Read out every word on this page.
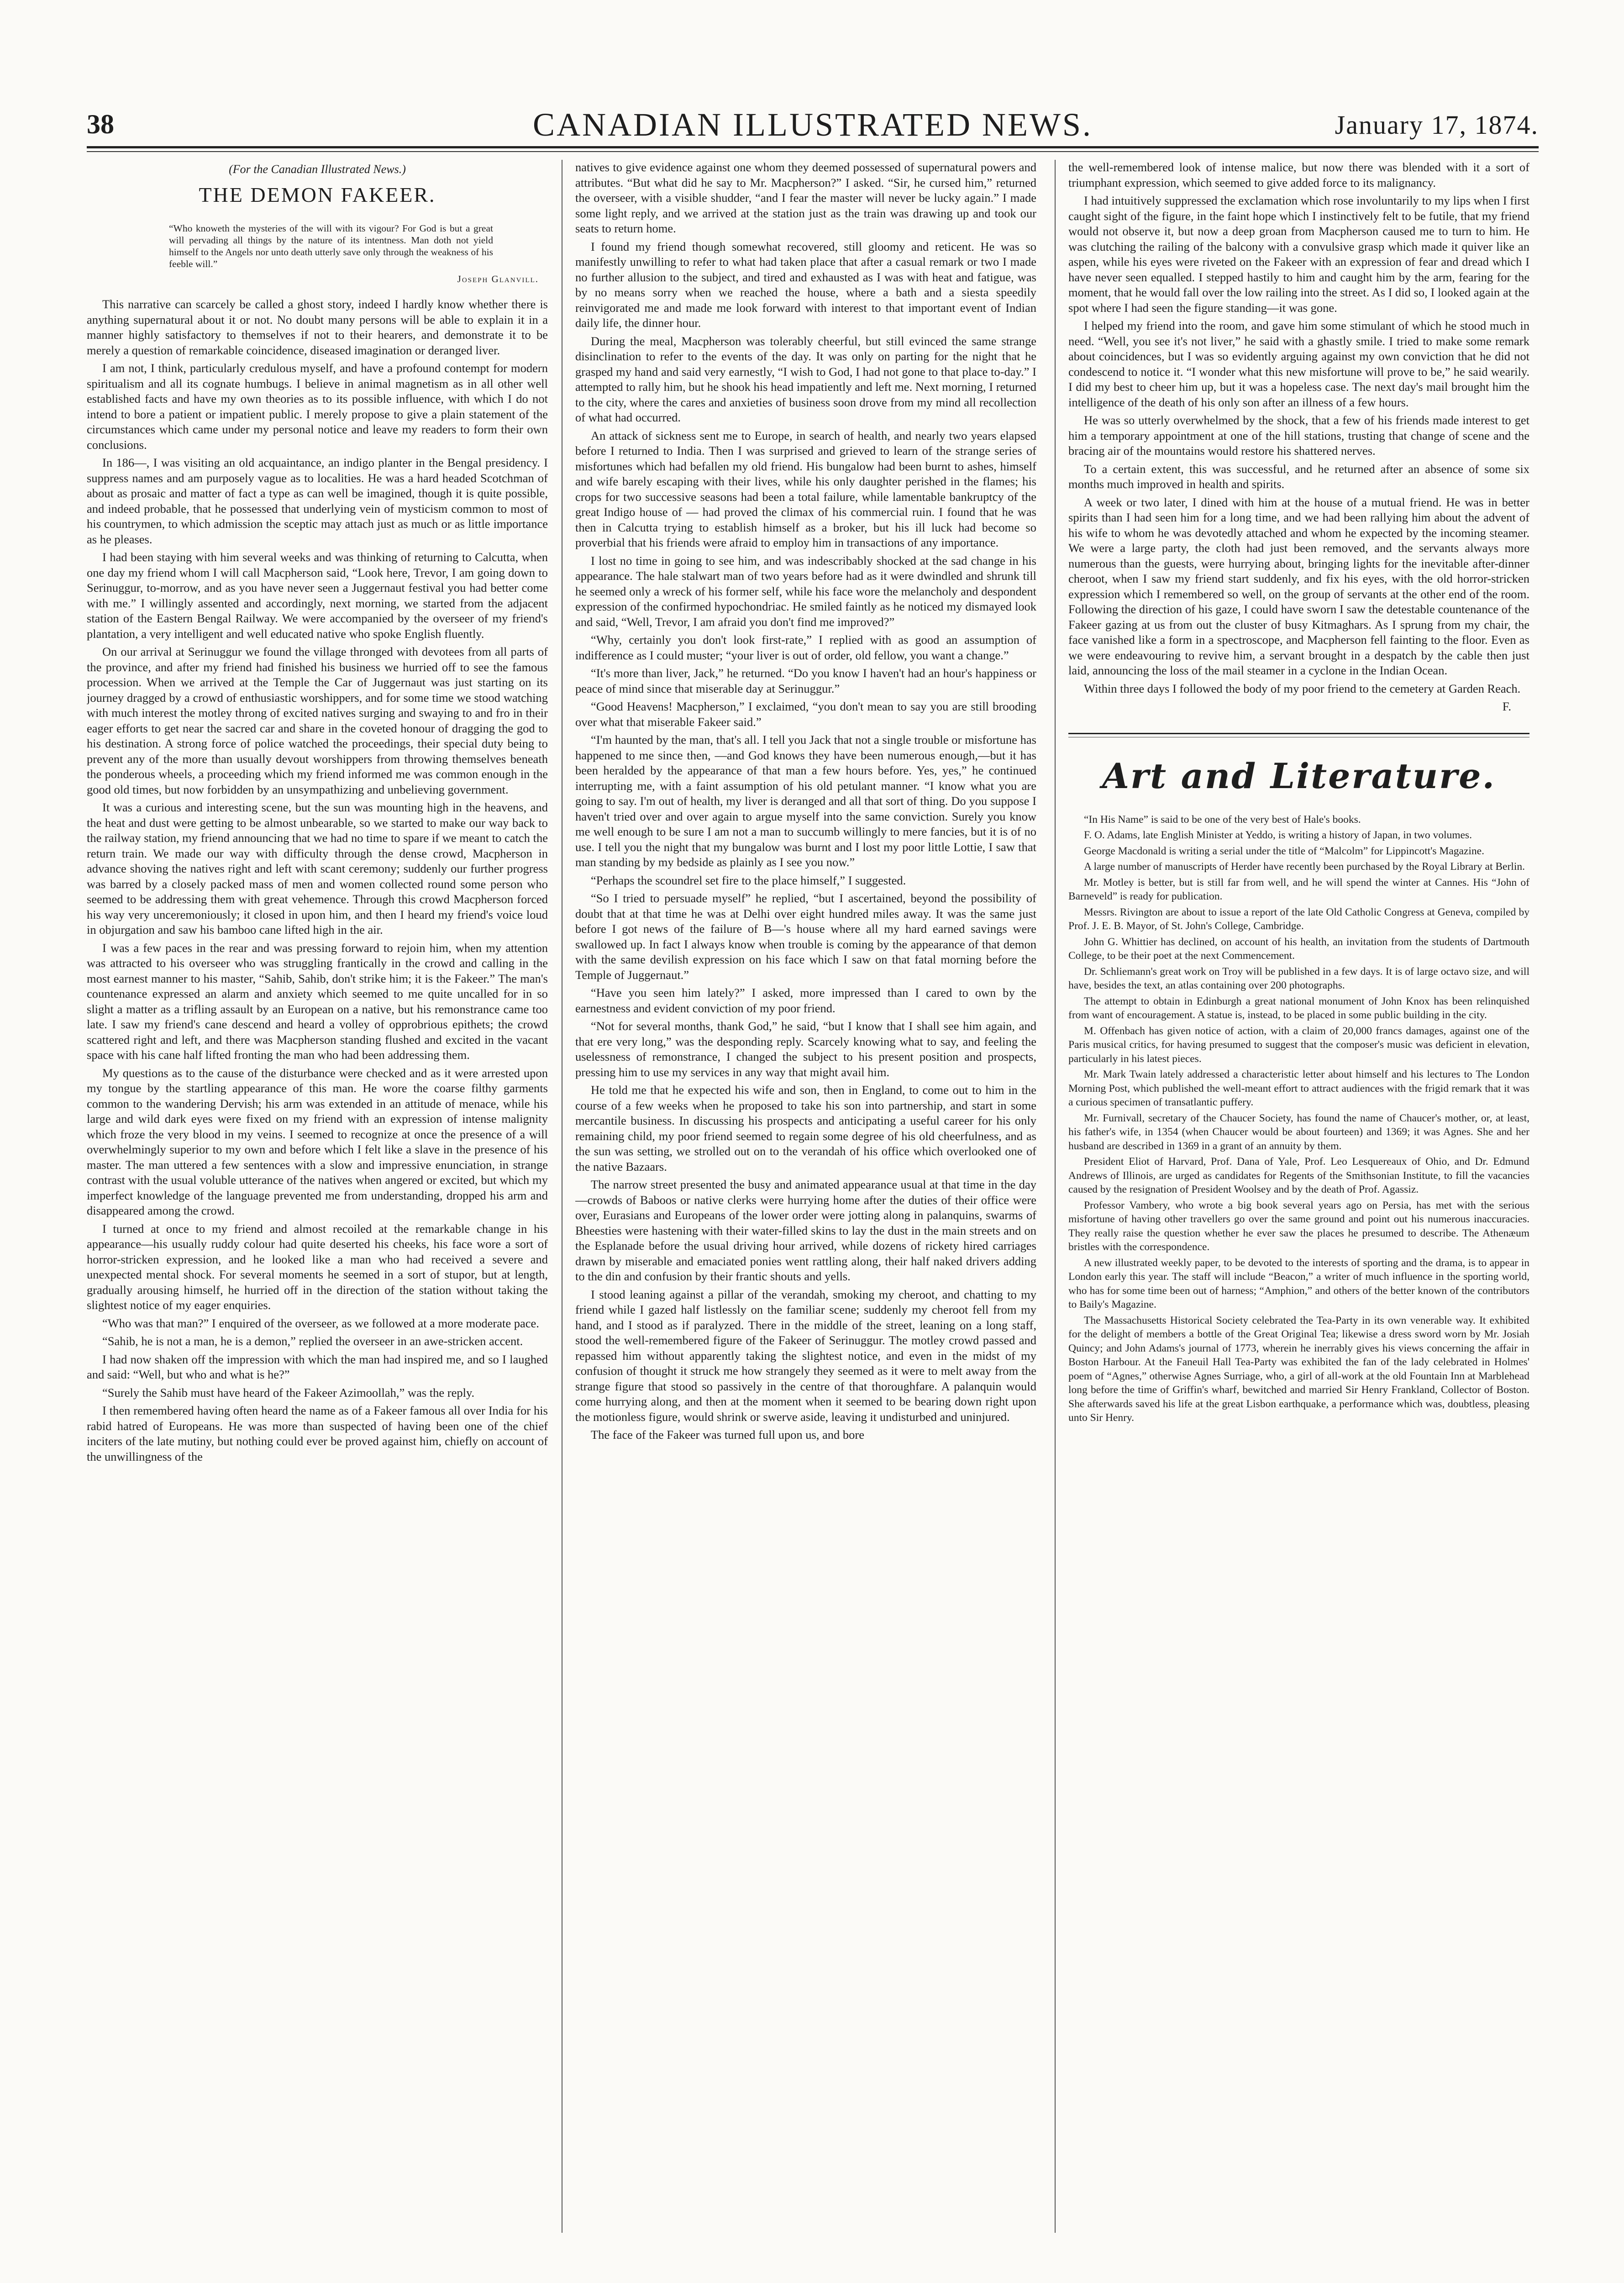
38	CANADIAN ILLUSTRATED NEWS.	January 17, 1874.
(For the Canadian Illustrated News.)
THE DEMON FAKEER.
“Who knoweth the mysteries of the will with its vigour? For God is but a great will pervading all things by the nature of its intentness. Man doth not yield himself to the Angels nor unto death utterly save only through the weakness of his feeble will.”
Joseph Glanvill.

This narrative can scarcely be called a ghost story, indeed I hardly know whether there is anything supernatural about it or not. No doubt many persons will be able to explain it in a manner highly satisfactory to themselves if not to their hearers, and demonstrate it to be merely a question of remarkable coincidence, diseased imagination or deranged liver.

I am not, I think, particularly credulous myself, and have a profound contempt for modern spiritualism and all its cognate humbugs. I believe in animal magnetism as in all other well established facts and have my own theories as to its possible influence, with which I do not intend to bore a patient or impatient public. I merely propose to give a plain statement of the circumstances which came under my personal notice and leave my readers to form their own conclusions.

In 186—, I was visiting an old acquaintance, an indigo planter in the Bengal presidency. I suppress names and am purposely vague as to localities. He was a hard headed Scotchman of about as prosaic and matter of fact a type as can well be imagined, though it is quite possible, and indeed probable, that he possessed that underlying vein of mysticism common to most of his countrymen, to which admission the sceptic may attach just as much or as little importance as he pleases.

I had been staying with him several weeks and was thinking of returning to Calcutta, when one day my friend whom I will call Macpherson said, “Look here, Trevor, I am going down to Serinuggur, to-morrow, and as you have never seen a Juggernaut festival you had better come with me.” I willingly assented and accordingly, next morning, we started from the adjacent station of the Eastern Bengal Railway. We were accompanied by the overseer of my friend's plantation, a very intelligent and well educated native who spoke English fluently.

On our arrival at Serinuggur we found the village thronged with devotees from all parts of the province, and after my friend had finished his business we hurried off to see the famous procession. When we arrived at the Temple the Car of Juggernaut was just starting on its journey dragged by a crowd of enthusiastic worshippers, and for some time we stood watching with much interest the motley throng of excited natives surging and swaying to and fro in their eager efforts to get near the sacred car and share in the coveted honour of dragging the god to his destination. A strong force of police watched the proceedings, their special duty being to prevent any of the more than usually devout worshippers from throwing themselves beneath the ponderous wheels, a proceeding which my friend informed me was common enough in the good old times, but now forbidden by an unsympathizing and unbelieving government.

It was a curious and interesting scene, but the sun was mounting high in the heavens, and the heat and dust were getting to be almost unbearable, so we started to make our way back to the railway station, my friend announcing that we had no time to spare if we meant to catch the return train. We made our way with difficulty through the dense crowd, Macpherson in advance shoving the natives right and left with scant ceremony; suddenly our further progress was barred by a closely packed mass of men and women collected round some person who seemed to be addressing them with great vehemence. Through this crowd Macpherson forced his way very unceremoniously; it closed in upon him, and then I heard my friend's voice loud in objurgation and saw his bamboo cane lifted high in the air.

I was a few paces in the rear and was pressing forward to rejoin him, when my attention was attracted to his overseer who was struggling frantically in the crowd and calling in the most earnest manner to his master, “Sahib, Sahib, don't strike him; it is the Fakeer.” The man's countenance expressed an alarm and anxiety which seemed to me quite uncalled for in so slight a matter as a trifling assault by an European on a native, but his remonstrance came too late. I saw my friend's cane descend and heard a volley of opprobrious epithets; the crowd scattered right and left, and there was Macpherson standing flushed and excited in the vacant space with his cane half lifted fronting the man who had been addressing them.

My questions as to the cause of the disturbance were checked and as it were arrested upon my tongue by the startling appearance of this man. He wore the coarse filthy garments common to the wandering Dervish; his arm was extended in an attitude of menace, while his large and wild dark eyes were fixed on my friend with an expression of intense malignity which froze the very blood in my veins. I seemed to recognize at once the presence of a will overwhelmingly superior to my own and before which I felt like a slave in the presence of his master. The man uttered a few sentences with a slow and impressive enunciation, in strange contrast with the usual voluble utterance of the natives when angered or excited, but which my imperfect knowledge of the language prevented me from understanding, dropped his arm and disappeared among the crowd.

I turned at once to my friend and almost recoiled at the remarkable change in his appearance—his usually ruddy colour had quite deserted his cheeks, his face wore a sort of horror-stricken expression, and he looked like a man who had received a severe and unexpected mental shock. For several moments he seemed in a sort of stupor, but at length, gradually arousing himself, he hurried off in the direction of the station without taking the slightest notice of my eager enquiries.

“Who was that man?” I enquired of the overseer, as we followed at a more moderate pace.

“Sahib, he is not a man, he is a demon,” replied the overseer in an awe-stricken accent.

I had now shaken off the impression with which the man had inspired me, and so I laughed and said: “Well, but who and what is he?”

“Surely the Sahib must have heard of the Fakeer Azimoollah,” was the reply.

I then remembered having often heard the name as of a Fakeer famous all over India for his rabid hatred of Europeans. He was more than suspected of having been one of the chief inciters of the late mutiny, but nothing could ever be proved against him, chiefly on account of the unwillingness of the

natives to give evidence against one whom they deemed possessed of supernatural powers and attributes. “But what did he say to Mr. Macpherson?” I asked. “Sir, he cursed him,” returned the overseer, with a visible shudder, “and I fear the master will never be lucky again.” I made some light reply, and we arrived at the station just as the train was drawing up and took our seats to return home.

I found my friend though somewhat recovered, still gloomy and reticent. He was so manifestly unwilling to refer to what had taken place that after a casual remark or two I made no further allusion to the subject, and tired and exhausted as I was with heat and fatigue, was by no means sorry when we reached the house, where a bath and a siesta speedily reinvigorated me and made me look forward with interest to that important event of Indian daily life, the dinner hour.

During the meal, Macpherson was tolerably cheerful, but still evinced the same strange disinclination to refer to the events of the day. It was only on parting for the night that he grasped my hand and said very earnestly, “I wish to God, I had not gone to that place to-day.” I attempted to rally him, but he shook his head impatiently and left me. Next morning, I returned to the city, where the cares and anxieties of business soon drove from my mind all recollection of what had occurred.

An attack of sickness sent me to Europe, in search of health, and nearly two years elapsed before I returned to India. Then I was surprised and grieved to learn of the strange series of misfortunes which had befallen my old friend. His bungalow had been burnt to ashes, himself and wife barely escaping with their lives, while his only daughter perished in the flames; his crops for two successive seasons had been a total failure, while lamentable bankruptcy of the great Indigo house of — had proved the climax of his commercial ruin. I found that he was then in Calcutta trying to establish himself as a broker, but his ill luck had become so proverbial that his friends were afraid to employ him in transactions of any importance.

I lost no time in going to see him, and was indescribably shocked at the sad change in his appearance. The hale stalwart man of two years before had as it were dwindled and shrunk till he seemed only a wreck of his former self, while his face wore the melancholy and despondent expression of the confirmed hypochondriac. He smiled faintly as he noticed my dismayed look and said, “Well, Trevor, I am afraid you don't find me improved?”

“Why, certainly you don't look first-rate,” I replied with as good an assumption of indifference as I could muster; “your liver is out of order, old fellow, you want a change.”

“It's more than liver, Jack,” he returned. “Do you know I haven't had an hour's happiness or peace of mind since that miserable day at Serinuggur.”

“Good Heavens! Macpherson,” I exclaimed, “you don't mean to say you are still brooding over what that miserable Fakeer said.”

“I'm haunted by the man, that's all. I tell you Jack that not a single trouble or misfortune has happened to me since then, —and God knows they have been numerous enough,—but it has been heralded by the appearance of that man a few hours before. Yes, yes,” he continued interrupting me, with a faint assumption of his old petulant manner. “I know what you are going to say. I'm out of health, my liver is deranged and all that sort of thing. Do you suppose I haven't tried over and over again to argue myself into the same conviction. Surely you know me well enough to be sure I am not a man to succumb willingly to mere fancies, but it is of no use. I tell you the night that my bungalow was burnt and I lost my poor little Lottie, I saw that man standing by my bedside as plainly as I see you now.”

“Perhaps the scoundrel set fire to the place himself,” I suggested.

“So I tried to persuade myself” he replied, “but I ascertained, beyond the possibility of doubt that at that time he was at Delhi over eight hundred miles away. It was the same just before I got news of the failure of B—'s house where all my hard earned savings were swallowed up. In fact I always know when trouble is coming by the appearance of that demon with the same devilish expression on his face which I saw on that fatal morning before the Temple of Juggernaut.”

“Have you seen him lately?” I asked, more impressed than I cared to own by the earnestness and evident conviction of my poor friend.

“Not for several months, thank God,” he said, “but I know that I shall see him again, and that ere very long,” was the desponding reply. Scarcely knowing what to say, and feeling the uselessness of remonstrance, I changed the subject to his present position and prospects, pressing him to use my services in any way that might avail him.

He told me that he expected his wife and son, then in England, to come out to him in the course of a few weeks when he proposed to take his son into partnership, and start in some mercantile business. In discussing his prospects and anticipating a useful career for his only remaining child, my poor friend seemed to regain some degree of his old cheerfulness, and as the sun was setting, we strolled out on to the verandah of his office which overlooked one of the native Bazaars.

The narrow street presented the busy and animated appearance usual at that time in the day—crowds of Baboos or native clerks were hurrying home after the duties of their office were over, Eurasians and Europeans of the lower order were jotting along in palanquins, swarms of Bheesties were hastening with their water-filled skins to lay the dust in the main streets and on the Esplanade before the usual driving hour arrived, while dozens of rickety hired carriages drawn by miserable and emaciated ponies went rattling along, their half naked drivers adding to the din and confusion by their frantic shouts and yells.

I stood leaning against a pillar of the verandah, smoking my cheroot, and chatting to my friend while I gazed half listlessly on the familiar scene; suddenly my cheroot fell from my hand, and I stood as if paralyzed. There in the middle of the street, leaning on a long staff, stood the well-remembered figure of the Fakeer of Serinuggur. The motley crowd passed and repassed him without apparently taking the slightest notice, and even in the midst of my confusion of thought it struck me how strangely they seemed as it were to melt away from the strange figure that stood so passively in the centre of that thoroughfare. A palanquin would come hurrying along, and then at the moment when it seemed to be bearing down right upon the motionless figure, would shrink or swerve aside, leaving it undisturbed and uninjured.

The face of the Fakeer was turned full upon us, and bore

the well-remembered look of intense malice, but now there was blended with it a sort of triumphant expression, which seemed to give added force to its malignancy.

I had intuitively suppressed the exclamation which rose involuntarily to my lips when I first caught sight of the figure, in the faint hope which I instinctively felt to be futile, that my friend would not observe it, but now a deep groan from Macpherson caused me to turn to him. He was clutching the railing of the balcony with a convulsive grasp which made it quiver like an aspen, while his eyes were riveted on the Fakeer with an expression of fear and dread which I have never seen equalled. I stepped hastily to him and caught him by the arm, fearing for the moment, that he would fall over the low railing into the street. As I did so, I looked again at the spot where I had seen the figure standing—it was gone.

I helped my friend into the room, and gave him some stimulant of which he stood much in need. “Well, you see it's not liver,” he said with a ghastly smile. I tried to make some remark about coincidences, but I was so evidently arguing against my own conviction that he did not condescend to notice it. “I wonder what this new misfortune will prove to be,” he said wearily. I did my best to cheer him up, but it was a hopeless case. The next day's mail brought him the intelligence of the death of his only son after an illness of a few hours.

He was so utterly overwhelmed by the shock, that a few of his friends made interest to get him a temporary appointment at one of the hill stations, trusting that change of scene and the bracing air of the mountains would restore his shattered nerves.

To a certain extent, this was successful, and he returned after an absence of some six months much improved in health and spirits.

A week or two later, I dined with him at the house of a mutual friend. He was in better spirits than I had seen him for a long time, and we had been rallying him about the advent of his wife to whom he was devotedly attached and whom he expected by the incoming steamer. We were a large party, the cloth had just been removed, and the servants always more numerous than the guests, were hurrying about, bringing lights for the inevitable after-dinner cheroot, when I saw my friend start suddenly, and fix his eyes, with the old horror-stricken expression which I remembered so well, on the group of servants at the other end of the room. Following the direction of his gaze, I could have sworn I saw the detestable countenance of the Fakeer gazing at us from out the cluster of busy Kitmaghars. As I sprung from my chair, the face vanished like a form in a spectroscope, and Macpherson fell fainting to the floor. Even as we were endeavouring to revive him, a servant brought in a despatch by the cable then just laid, announcing the loss of the mail steamer in a cyclone in the Indian Ocean.

Within three days I followed the body of my poor friend to the cemetery at Garden Reach.

F.

Art and Literature.

“In His Name” is said to be one of the very best of Hale's books.

F. O. Adams, late English Minister at Yeddo, is writing a history of Japan, in two volumes.

George Macdonald is writing a serial under the title of “Malcolm” for Lippincott's Magazine.

A large number of manuscripts of Herder have recently been purchased by the Royal Library at Berlin.

Mr. Motley is better, but is still far from well, and he will spend the winter at Cannes. His “John of Barneveld” is ready for publication.

Messrs. Rivington are about to issue a report of the late Old Catholic Congress at Geneva, compiled by Prof. J. E. B. Mayor, of St. John's College, Cambridge.

John G. Whittier has declined, on account of his health, an invitation from the students of Dartmouth College, to be their poet at the next Commencement.

Dr. Schliemann's great work on Troy will be published in a few days. It is of large octavo size, and will have, besides the text, an atlas containing over 200 photographs.

The attempt to obtain in Edinburgh a great national monument of John Knox has been relinquished from want of encouragement. A statue is, instead, to be placed in some public building in the city.

M. Offenbach has given notice of action, with a claim of 20,000 francs damages, against one of the Paris musical critics, for having presumed to suggest that the composer's music was deficient in elevation, particularly in his latest pieces.

Mr. Mark Twain lately addressed a characteristic letter about himself and his lectures to The London Morning Post, which published the well-meant effort to attract audiences with the frigid remark that it was a curious specimen of transatlantic puffery.

Mr. Furnivall, secretary of the Chaucer Society, has found the name of Chaucer's mother, or, at least, his father's wife, in 1354 (when Chaucer would be about fourteen) and 1369; it was Agnes. She and her husband are described in 1369 in a grant of an annuity by them.

President Eliot of Harvard, Prof. Dana of Yale, Prof. Leo Lesquereaux of Ohio, and Dr. Edmund Andrews of Illinois, are urged as candidates for Regents of the Smithsonian Institute, to fill the vacancies caused by the resignation of President Woolsey and by the death of Prof. Agassiz.

Professor Vambery, who wrote a big book several years ago on Persia, has met with the serious misfortune of having other travellers go over the same ground and point out his numerous inaccuracies. They really raise the question whether he ever saw the places he presumed to describe. The Athenæum bristles with the correspondence.

A new illustrated weekly paper, to be devoted to the interests of sporting and the drama, is to appear in London early this year. The staff will include “Beacon,” a writer of much influence in the sporting world, who has for some time been out of harness; “Amphion,” and others of the better known of the contributors to Baily's Magazine.

The Massachusetts Historical Society celebrated the Tea-Party in its own venerable way. It exhibited for the delight of members a bottle of the Great Original Tea; likewise a dress sword worn by Mr. Josiah Quincy; and John Adams's journal of 1773, wherein he inerrably gives his views concerning the affair in Boston Harbour. At the Faneuil Hall Tea-Party was exhibited the fan of the lady celebrated in Holmes' poem of “Agnes,” otherwise Agnes Surriage, who, a girl of all-work at the old Fountain Inn at Marblehead long before the time of Griffin's wharf, bewitched and married Sir Henry Frankland, Collector of Boston. She afterwards saved his life at the great Lisbon earthquake, a performance which was, doubtless, pleasing unto Sir Henry.
